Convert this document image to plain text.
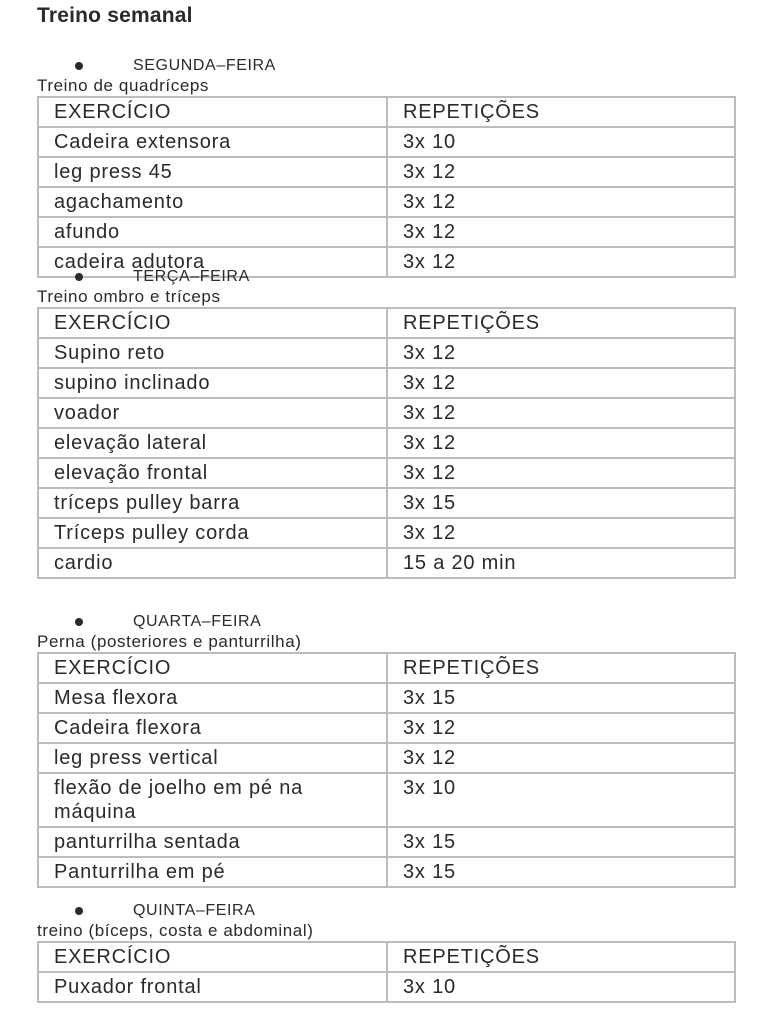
Treino semanal
SEGUNDA–FEIRA
Treino de quadríceps
EXERCÍCIO	REPETIÇÕES
Cadeira extensora	3x 10
leg press 45	3x 12
agachamento	3x 12
afundo	3x 12
cadeira adutora	3x 12
TERÇA–FEIRA
Treino ombro e tríceps
EXERCÍCIO	REPETIÇÕES
Supino reto	3x 12
supino inclinado	3x 12
voador	3x 12
elevação lateral	3x 12
elevação frontal	3x 12
tríceps pulley barra	3x 15
Tríceps pulley corda	3x 12
cardio	15 a 20 min
QUARTA–FEIRA
Perna (posteriores e panturrilha)
EXERCÍCIO	REPETIÇÕES
Mesa flexora	3x 15
Cadeira flexora	3x 12
leg press vertical	3x 12
flexão de joelho em pé na máquina	3x 10
panturrilha sentada	3x 15
Panturrilha em pé	3x 15
QUINTA–FEIRA
treino (bíceps, costa e abdominal)
EXERCÍCIO	REPETIÇÕES
Puxador frontal	3x 10
